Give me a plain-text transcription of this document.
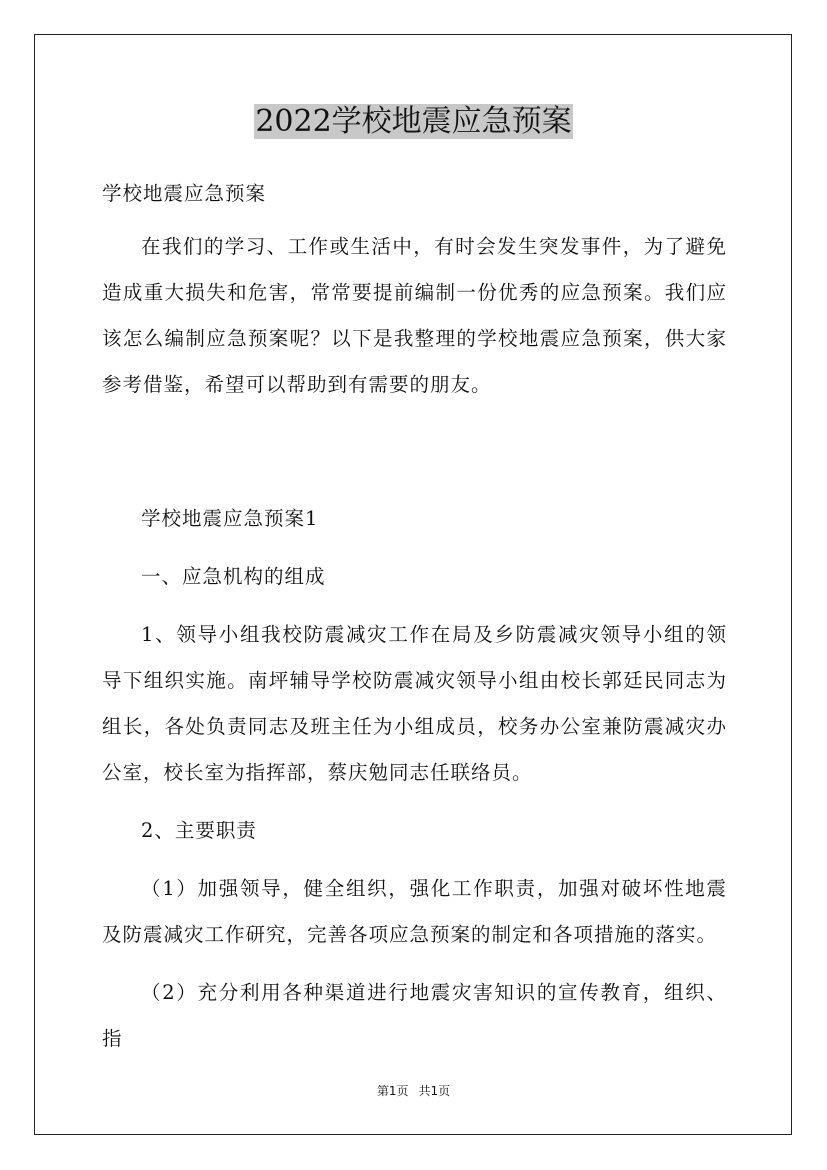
2022学校地震应急预案
学校地震应急预案

在我们的学习、工作或生活中，有时会发生突发事件，为了避免造成重大损失和危害，常常要提前编制一份优秀的应急预案。我们应该怎么编制应急预案呢？以下是我整理的学校地震应急预案，供大家参考借鉴，希望可以帮助到有需要的朋友。

学校地震应急预案1

一、应急机构的组成

1、领导小组我校防震减灾工作在局及乡防震减灾领导小组的领导下组织实施。南坪辅导学校防震减灾领导小组由校长郭廷民同志为组长，各处负责同志及班主任为小组成员，校务办公室兼防震减灾办公室，校长室为指挥部，蔡庆勉同志任联络员。

2、主要职责

（1）加强领导，健全组织，强化工作职责，加强对破坏性地震及防震减灾工作研究，完善各项应急预案的制定和各项措施的落实。

（2）充分利用各种渠道进行地震灾害知识的宣传教育，组织、指

第1页 共1页
